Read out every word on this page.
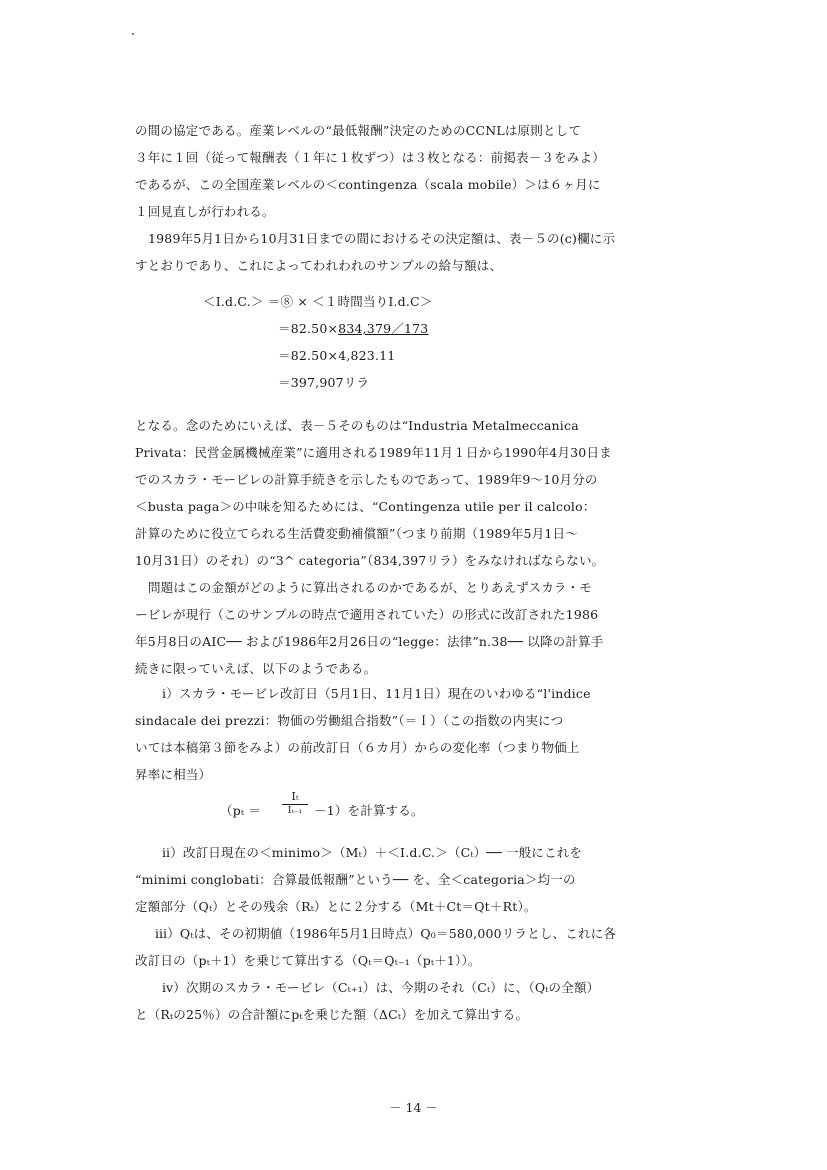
の間の協定である。産業レベルの“最低報酬”決定のためのCCNLは原則として
３年に１回（従って報酬表（１年に１枚ずつ）は３枚となる：前掲表－３をみよ）
であるが、この全国産業レベルの＜contingenza（scala mobile）＞は６ヶ月に
１回見直しが行われる。
1989年5月1日から10月31日までの間におけるその決定額は、表－５の(c)欄に示
すとおりであり、これによってわれわれのサンプルの給与額は、
＜I.d.C.＞ ＝⑧ × ＜１時間当りI.d.C＞
＝82.50×834,379／173
＝82.50×4,823.11
＝397,907リラ
となる。念のためにいえば、表－５そのものは“Industria Metalmeccanica
Privata：民営金属機械産業”に適用される1989年11月１日から1990年4月30日ま
でのスカラ・モービレの計算手続きを示したものであって、1989年9～10月分の
＜busta paga＞の中味を知るためには、“Contingenza utile per il calcolo：
計算のために役立てられる生活費変動補償額”（つまり前期（1989年5月1日～
10月31日）のそれ）の“3^ categoria”（834,397リラ）をみなければならない。
問題はこの金額がどのように算出されるのかであるが、とりあえずスカラ・モ
ービレが現行（このサンプルの時点で適用されていた）の形式に改訂された1986
年5月8日のAIC── および1986年2月26日の“legge：法律”n.38── 以降の計算手
続きに限っていえば、以下のようである。
ⅰ）スカラ・モービレ改訂日（5月1日、11月1日）現在のいわゆる“l'indice
sindacale dei prezzi：物価の労働組合指数”（＝Ｉ）（この指数の内実につ
いては本稿第３節をみよ）の前改訂日（６カ月）からの変化率（つまり物価上
昇率に相当）
（pₜ ＝
Iₜ
Iₜ₋₁ －1）を計算する。
ⅱ）改訂日現在の＜minimo＞（Mₜ）＋＜I.d.C.＞（Cₜ）── 一般にこれを
“minimi conglobati：合算最低報酬”という── を、全＜categoria＞均一の
定額部分（Qₜ）とその残余（Rₜ）とに２分する（Mt＋Ct＝Qt＋Rt）。
ⅲ）Qₜは、その初期値（1986年5月1日時点）Q₀＝580,000リラとし、これに各
改訂日の（pₜ＋1）を乗じて算出する（Qₜ＝Qₜ₋₁（pₜ＋1））。
ⅳ）次期のスカラ・モービレ（Cₜ₊₁）は、今期のそれ（Cₜ）に、（Qₜの全額）
と（Rₜの25％）の合計額にpₜを乗じた額（ΔCₜ）を加えて算出する。
－ 14 －
